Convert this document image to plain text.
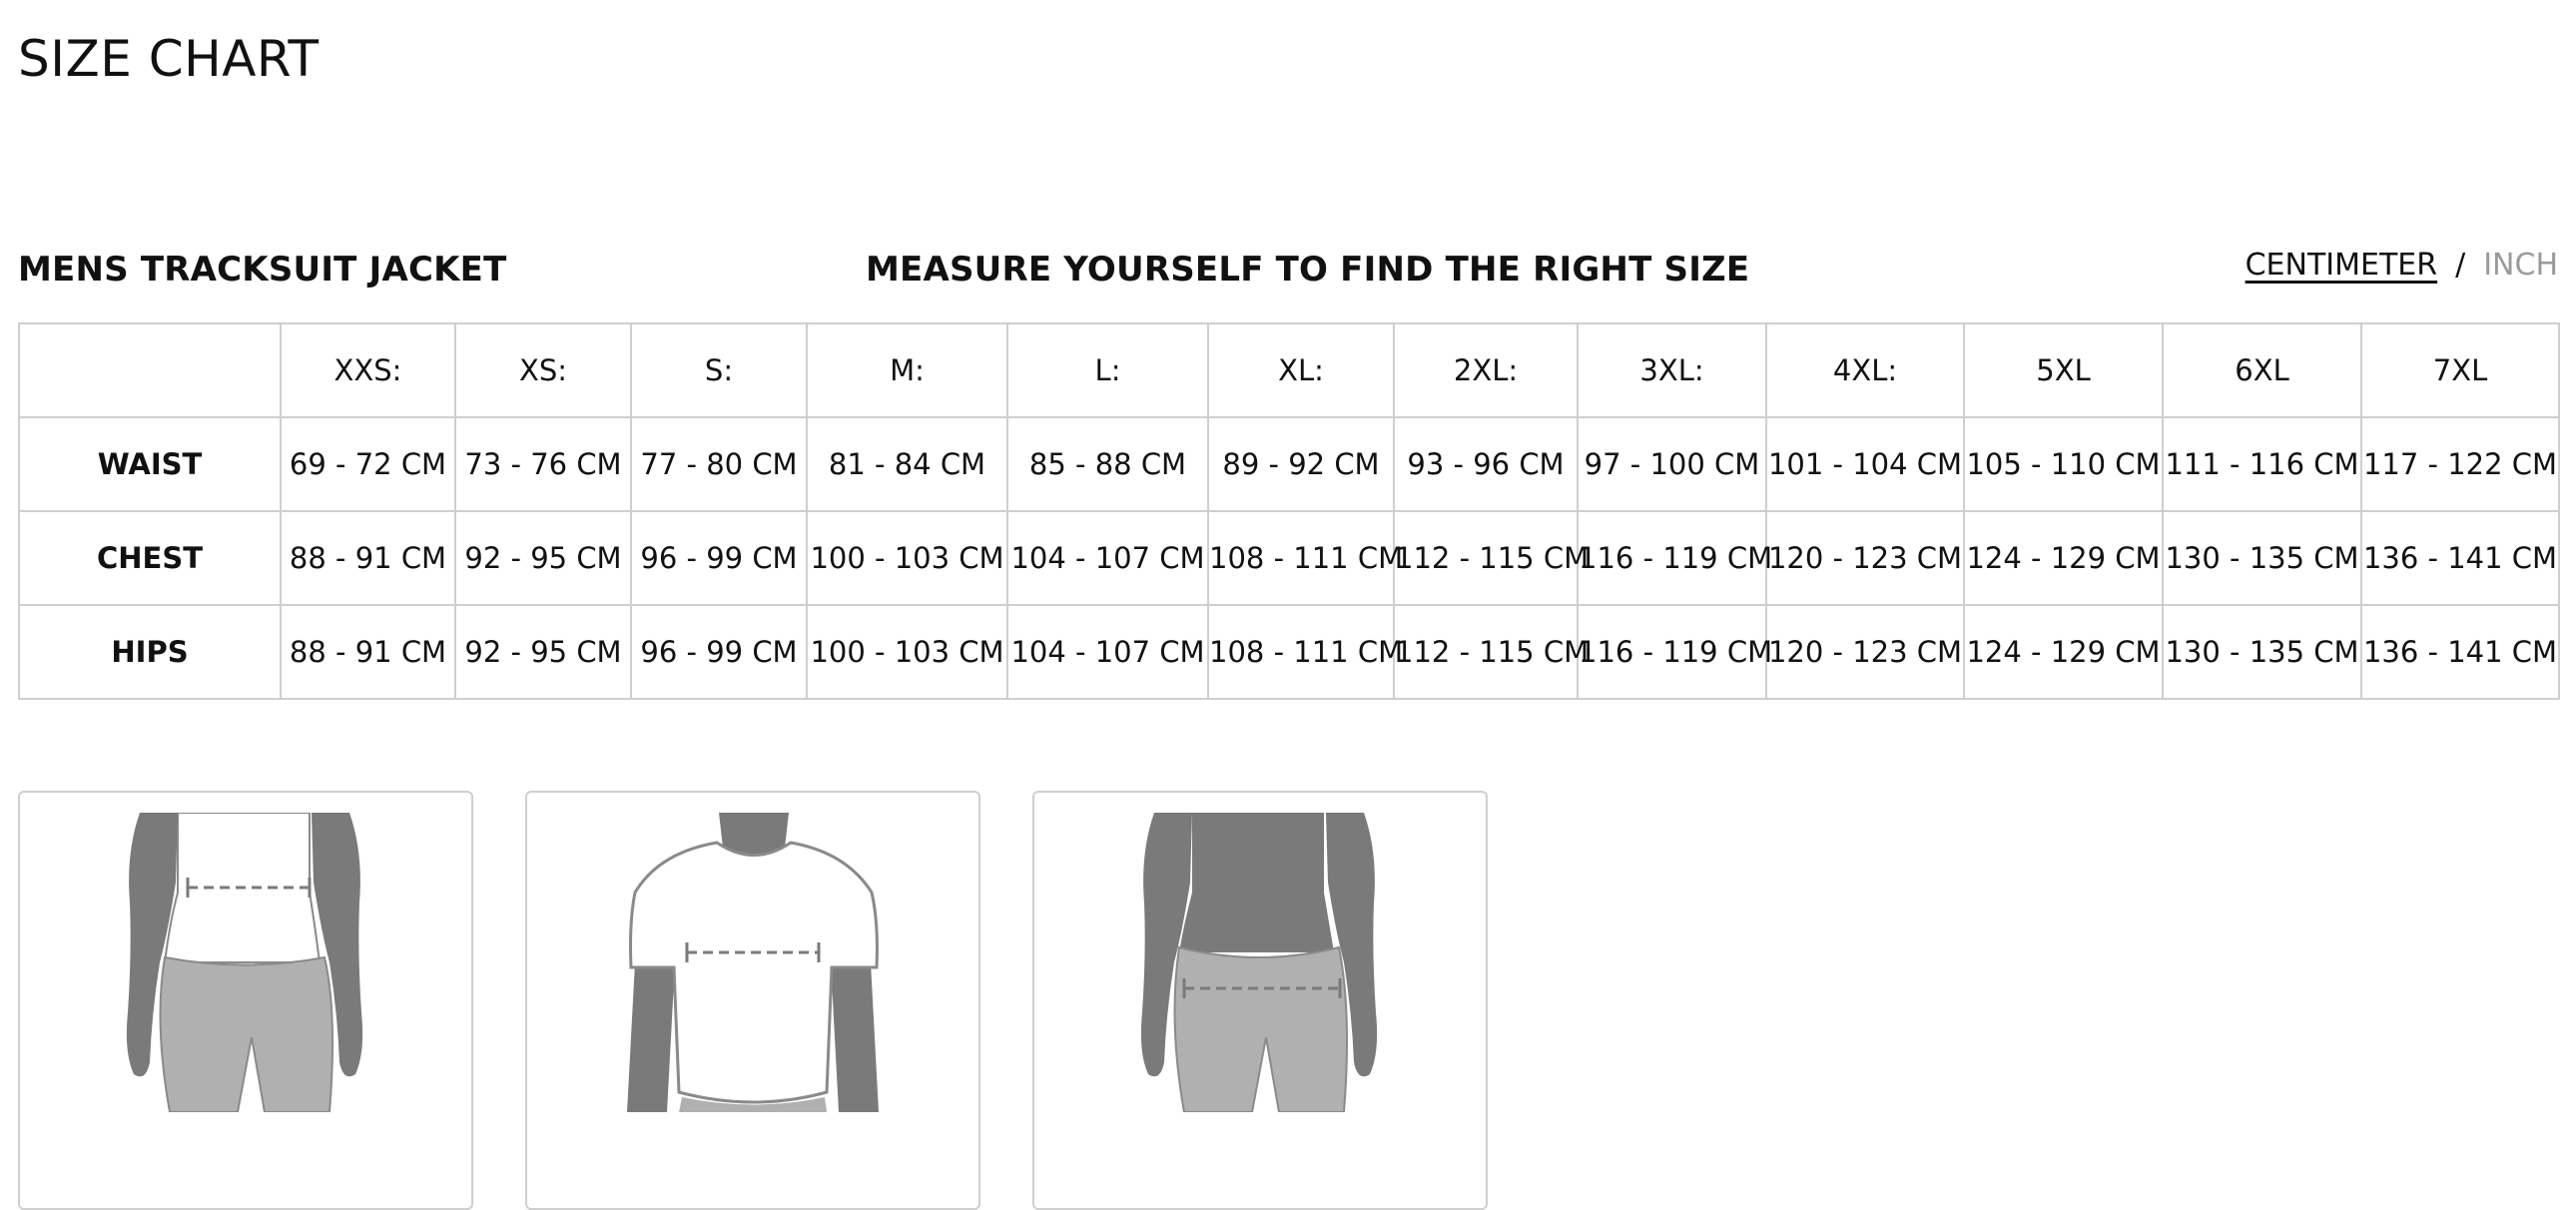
SIZE CHART
MENS TRACKSUIT JACKET	MEASURE YOURSELF TO FIND THE RIGHT SIZE	CENTIMETER / INCH
	XXS:	XS:	S:	M:	L:	XL:	2XL:	3XL:	4XL:	5XL	6XL	7XL
WAIST	69 - 72 CM	73 - 76 CM	77 - 80 CM	81 - 84 CM	85 - 88 CM	89 - 92 CM	93 - 96 CM	97 - 100 CM	101 - 104 CM	105 - 110 CM	111 - 116 CM	117 - 122 CM
CHEST	88 - 91 CM	92 - 95 CM	96 - 99 CM	100 - 103 CM	104 - 107 CM	108 - 111 CM	112 - 115 CM	116 - 119 CM	120 - 123 CM	124 - 129 CM	130 - 135 CM	136 - 141 CM
HIPS	88 - 91 CM	92 - 95 CM	96 - 99 CM	100 - 103 CM	104 - 107 CM	108 - 111 CM	112 - 115 CM	116 - 119 CM	120 - 123 CM	124 - 129 CM	130 - 135 CM	136 - 141 CM
